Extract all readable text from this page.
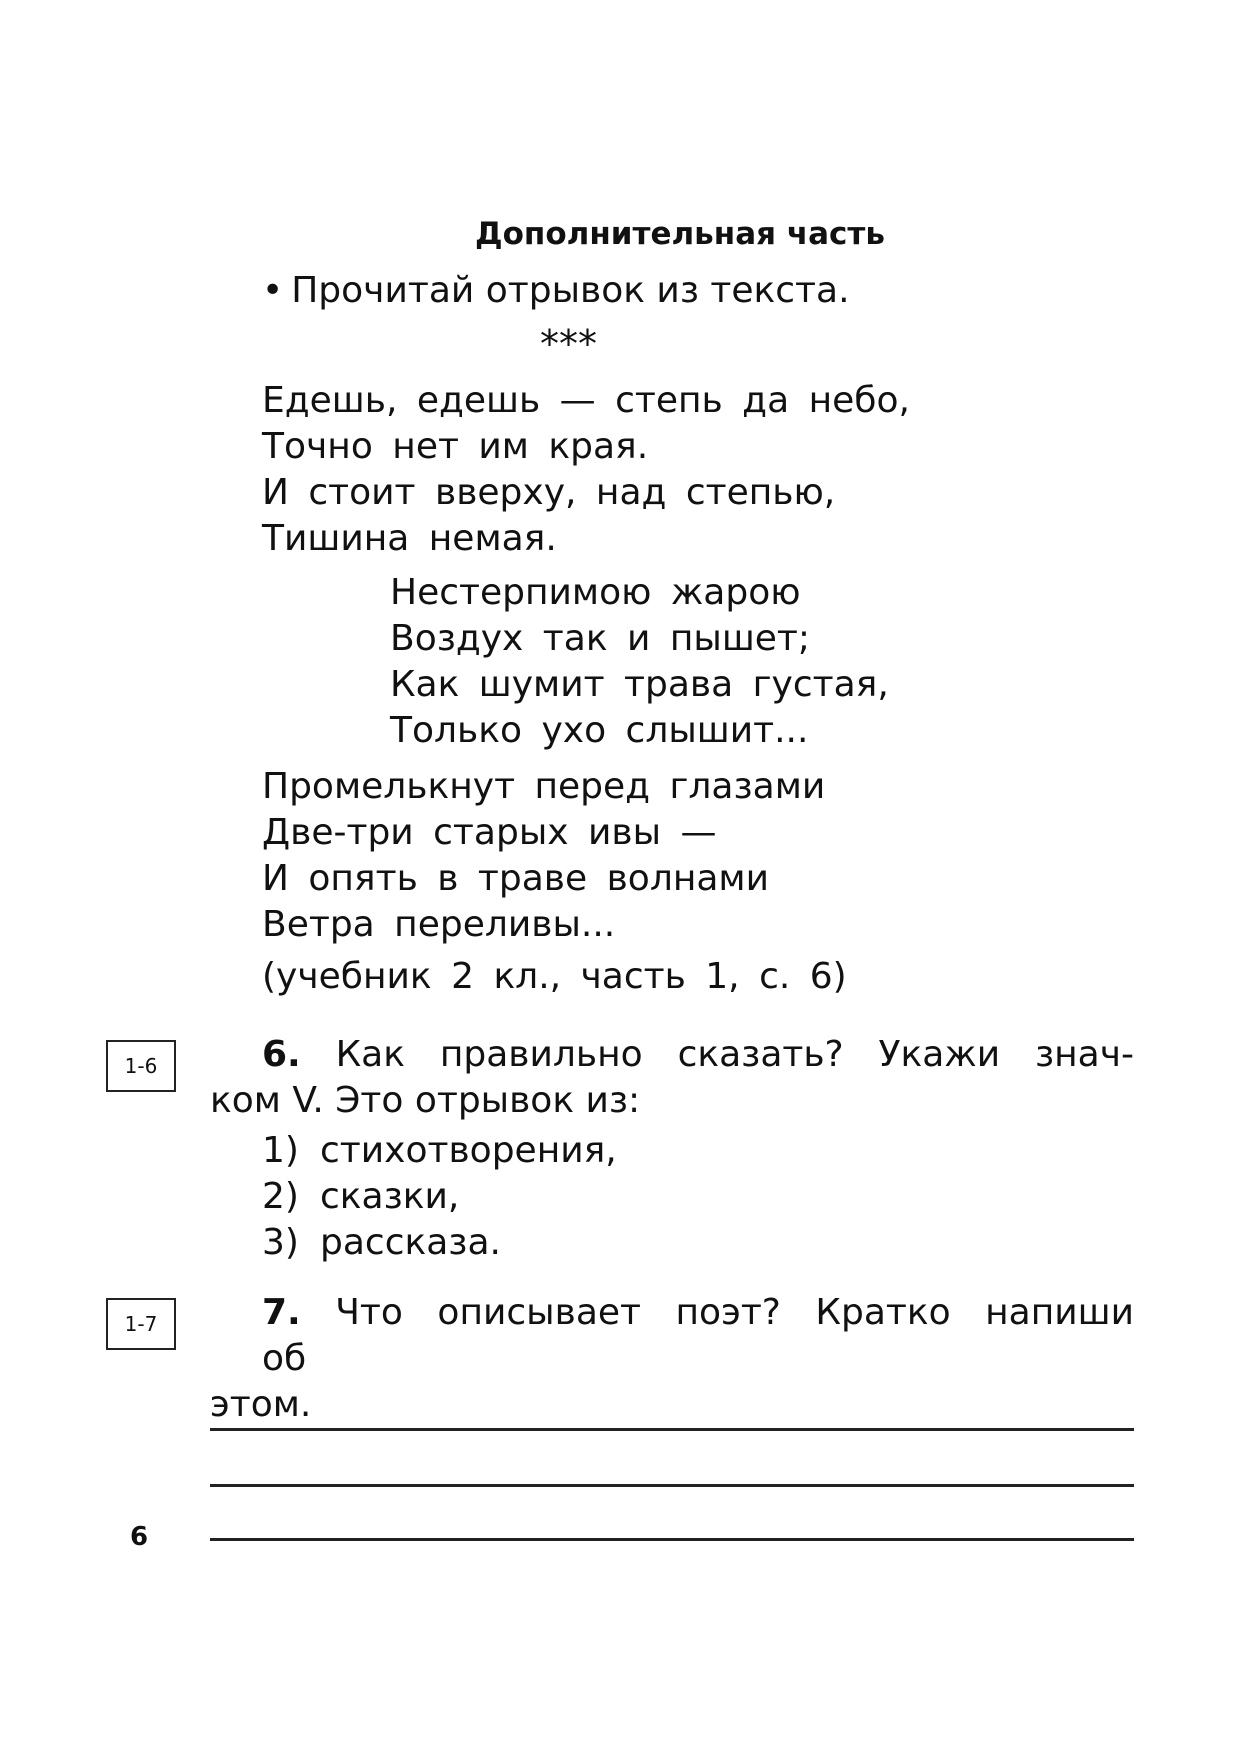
Дополнительная часть
• Прочитай отрывок из текста.
***
Едешь, едешь — степь да небо,
Точно нет им края.
И стоит вверху, над степью,
Тишина немая.
Нестерпимою жарою
Воздух так и пышет;
Как шумит трава густая,
Только ухо слышит...
Промелькнут перед глазами
Две-три старых ивы —
И опять в траве волнами
Ветра переливы...
(учебник 2 кл., часть 1, с. 6)
1-6	6. Как правильно сказать? Укажи знач-
ком V. Это отрывок из:
1) стихотворения,
2) сказки,
3) рассказа.
1-7	7. Что описывает поэт? Кратко напиши об
этом.
6
